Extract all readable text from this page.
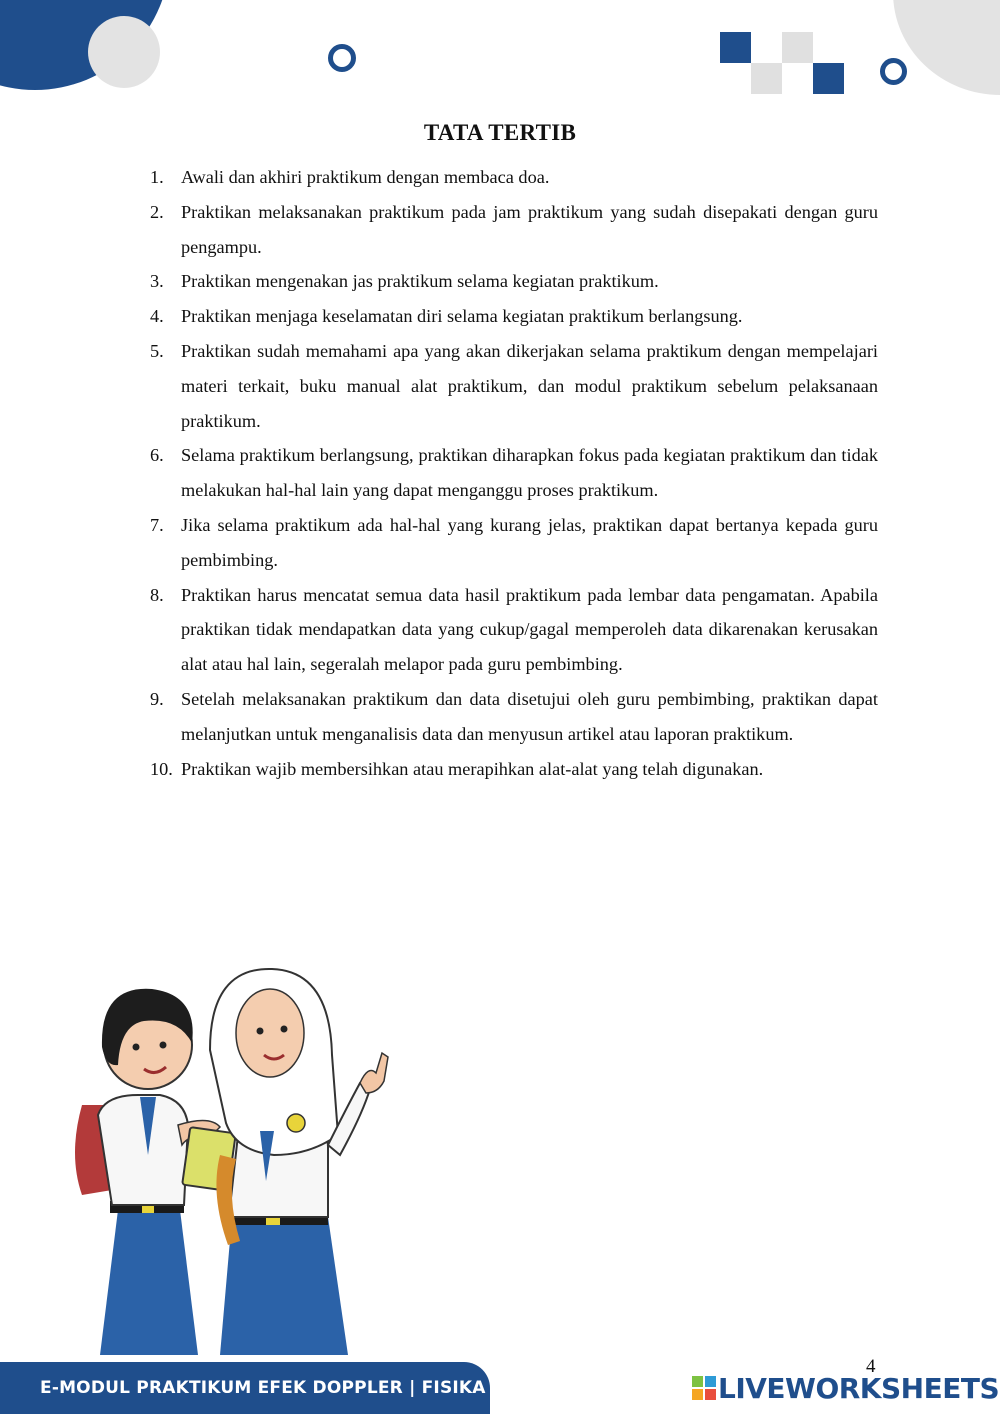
TATA TERTIB
1. Awali dan akhiri praktikum dengan membaca doa.
2. Praktikan melaksanakan praktikum pada jam praktikum yang sudah disepakati dengan guru pengampu.
3. Praktikan mengenakan jas praktikum selama kegiatan praktikum.
4. Praktikan menjaga keselamatan diri selama kegiatan praktikum berlangsung.
5. Praktikan sudah memahami apa yang akan dikerjakan selama praktikum dengan mempelajari materi terkait, buku manual alat praktikum, dan modul praktikum sebelum pelaksanaan praktikum.
6. Selama praktikum berlangsung, praktikan diharapkan fokus pada kegiatan praktikum dan tidak melakukan hal-hal lain yang dapat menganggu proses praktikum.
7. Jika selama praktikum ada hal-hal yang kurang jelas, praktikan dapat bertanya kepada guru pembimbing.
8. Praktikan harus mencatat semua data hasil praktikum pada lembar data pengamatan. Apabila praktikan tidak mendapatkan data yang cukup/gagal memperoleh data dikarenakan kerusakan alat atau hal lain, segeralah melapor pada guru pembimbing.
9. Setelah melaksanakan praktikum dan data disetujui oleh guru pembimbing, praktikan dapat melanjutkan untuk menganalisis data dan menyusun artikel atau laporan praktikum.
10. Praktikan wajib membersihkan atau merapihkan alat-alat yang telah digunakan.
E-MODUL PRAKTIKUM EFEK DOPPLER | FISIKA
4
LIVEWORKSHEETS
